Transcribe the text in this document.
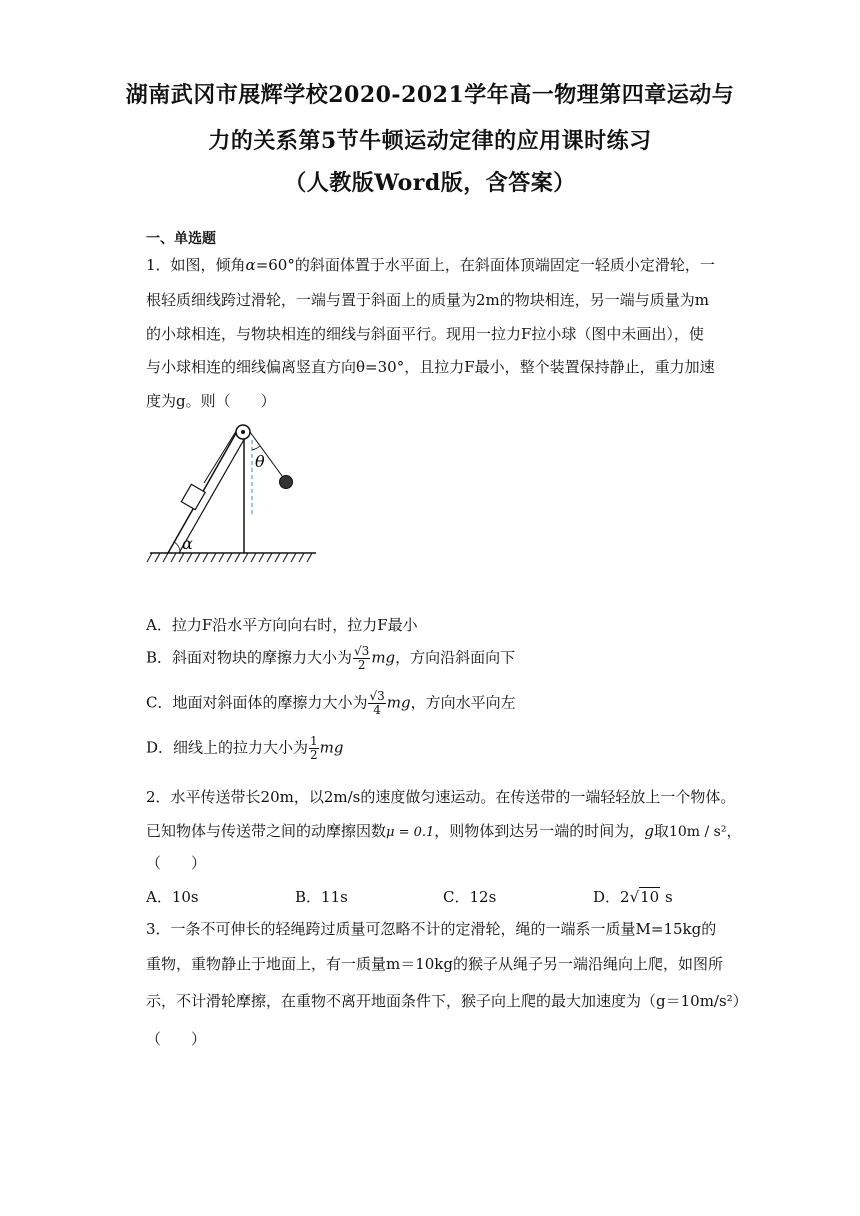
湖南武冈市展辉学校2020-2021学年高一物理第四章运动与
力的关系第5节牛顿运动定律的应用课时练习
（人教版Word版，含答案）
一、单选题
1．如图，倾角α=60°的斜面体置于水平面上，在斜面体顶端固定一轻质小定滑轮，一
根轻质细线跨过滑轮，一端与置于斜面上的质量为2m的物块相连，另一端与质量为m
的小球相连，与物块相连的细线与斜面平行。现用一拉力F拉小球（图中未画出），使
与小球相连的细线偏离竖直方向θ=30°，且拉力F最小，整个装置保持静止，重力加速
度为g。则（　　）
θ
α
A．拉力F沿水平方向向右时，拉力F最小
B．斜面对物块的摩擦力大小为 $\frac{√3}{2}$ mg，方向沿斜面向下
C．地面对斜面体的摩擦力大小为 $\frac{√3}{4}$ mg，方向水平向左
D．细线上的拉力大小为 $\frac{1}{2}$ mg
2．水平传送带长20m，以2m/s的速度做匀速运动。在传送带的一端轻轻放上一个物体。
已知物体与传送带之间的动摩擦因数μ = 0.1，则物体到达另一端的时间为，g取10m / s²，
（　　）
A．10s	B．11s	C．12s	D．2√10 s
3．一条不可伸长的轻绳跨过质量可忽略不计的定滑轮，绳的一端系一质量M=15kg的
重物，重物静止于地面上，有一质量m＝10kg的猴子从绳子另一端沿绳向上爬，如图所
示，不计滑轮摩擦，在重物不离开地面条件下，猴子向上爬的最大加速度为（g＝10m/s²）
（　　）
